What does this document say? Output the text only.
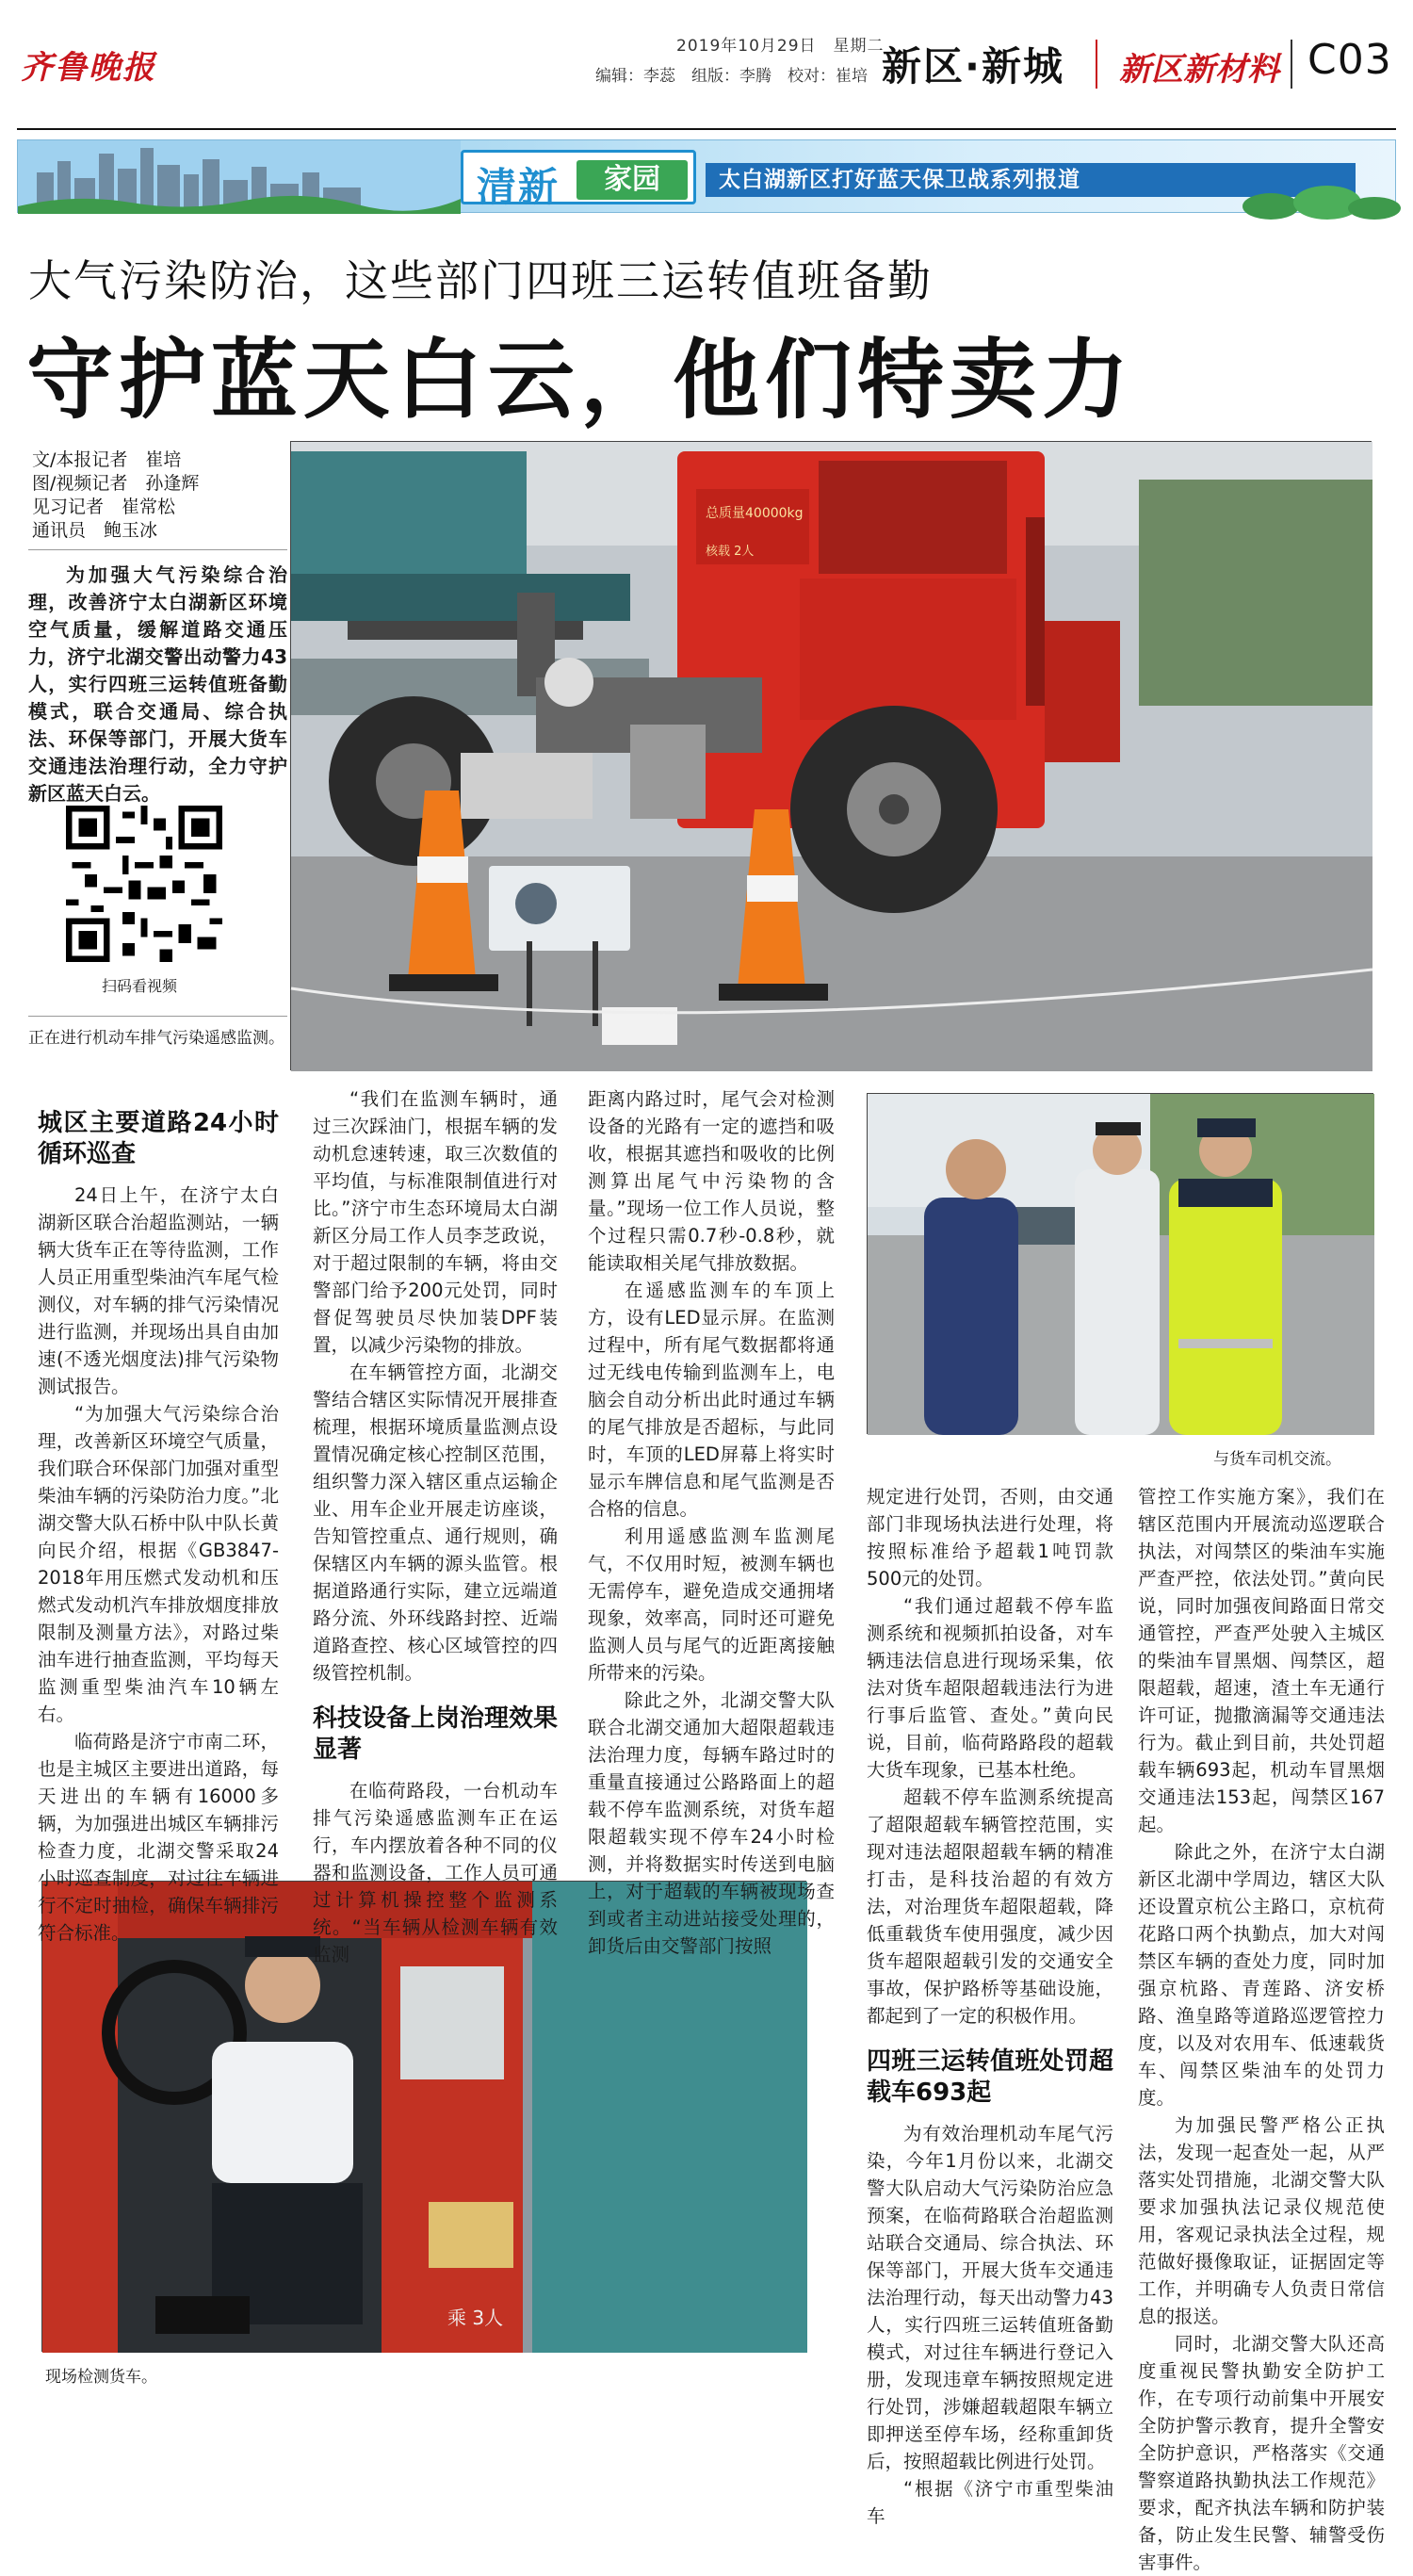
齐鲁晚报
2019年10月29日　星期二
编辑：李蕊　组版：李腾　校对：崔培 新区·新城 新区新材料 C03
清新	家园	太白湖新区打好蓝天保卫战系列报道
大气污染防治，这些部门四班三运转值班备勤
守护蓝天白云，他们特卖力
文/本报记者　崔培
图/视频记者　孙逢辉
见习记者　崔常松
通讯员　鲍玉冰
为加强大气污染综合治理，改善济宁太白湖新区环境空气质量，缓解道路交通压力，济宁北湖交警出动警力43人，实行四班三运转值班备勤模式，联合交通局、综合执法、环保等部门，开展大货车交通违法治理行动，全力守护新区蓝天白云。
扫码看视频
正在进行机动车排气污染遥感监测。
总质量40000kg
核载 2人
与货车司机交流。
乘 3人
现场检测货车。
城区主要道路24小时循环巡查

24日上午，在济宁太白湖新区联合治超监测站，一辆辆大货车正在等待监测，工作人员正用重型柴油汽车尾气检测仪，对车辆的排气污染情况进行监测，并现场出具自由加速(不透光烟度法)排气污染物测试报告。

“为加强大气污染综合治理，改善新区环境空气质量，我们联合环保部门加强对重型柴油车辆的污染防治力度。”北湖交警大队石桥中队中队长黄向民介绍，根据《GB3847-2018年用压燃式发动机和压燃式发动机汽车排放烟度排放限制及测量方法》，对路过柴油车进行抽查监测，平均每天监测重型柴油汽车10辆左右。

临荷路是济宁市南二环，也是主城区主要进出道路，每天进出的车辆有16000多辆，为加强进出城区车辆排污检查力度，北湖交警采取24小时巡查制度，对过往车辆进行不定时抽检，确保车辆排污符合标准。

“我们在监测车辆时，通过三次踩油门，根据车辆的发动机怠速转速，取三次数值的平均值，与标准限制值进行对比。”济宁市生态环境局太白湖新区分局工作人员李芝政说，对于超过限制的车辆，将由交警部门给予200元处罚，同时督促驾驶员尽快加装DPF装置，以减少污染物的排放。

在车辆管控方面，北湖交警结合辖区实际情况开展排查梳理，根据环境质量监测点设置情况确定核心控制区范围，组织警力深入辖区重点运输企业、用车企业开展走访座谈，告知管控重点、通行规则，确保辖区内车辆的源头监管。根据道路通行实际，建立远端道路分流、外环线路封控、近端道路查控、核心区域管控的四级管控机制。

科技设备上岗治理效果显著

在临荷路段，一台机动车排气污染遥感监测车正在运行，车内摆放着各种不同的仪器和监测设备，工作人员可通过计算机操控整个监测系统。“当车辆从检测车辆有效监测

距离内路过时，尾气会对检测设备的光路有一定的遮挡和吸收，根据其遮挡和吸收的比例测算出尾气中污染物的含量。”现场一位工作人员说，整个过程只需0.7秒-0.8秒，就能读取相关尾气排放数据。

在遥感监测车的车顶上方，设有LED显示屏。在监测过程中，所有尾气数据都将通过无线电传输到监测车上，电脑会自动分析出此时通过车辆的尾气排放是否超标，与此同时，车顶的LED屏幕上将实时显示车牌信息和尾气监测是否合格的信息。

利用遥感监测车监测尾气，不仅用时短，被测车辆也无需停车，避免造成交通拥堵现象，效率高，同时还可避免监测人员与尾气的近距离接触所带来的污染。

除此之外，北湖交警大队联合北湖交通加大超限超载违法治理力度，每辆车路过时的重量直接通过公路路面上的超载不停车监测系统，对货车超限超载实现不停车24小时检测，并将数据实时传送到电脑上，对于超载的车辆被现场查到或者主动进站接受处理的，卸货后由交警部门按照

规定进行处罚，否则，由交通部门非现场执法进行处理，将按照标准给予超载1吨罚款500元的处罚。

“我们通过超载不停车监测系统和视频抓拍设备，对车辆违法信息进行现场采集，依法对货车超限超载违法行为进行事后监管、查处。”黄向民说，目前，临荷路路段的超载大货车现象，已基本杜绝。

超载不停车监测系统提高了超限超载车辆管控范围，实现对违法超限超载车辆的精准打击，是科技治超的有效方法，对治理货车超限超载，降低重载货车使用强度，减少因货车超限超载引发的交通安全事故，保护路桥等基础设施，都起到了一定的积极作用。

四班三运转值班处罚超载车693起

为有效治理机动车尾气污染，今年1月份以来，北湖交警大队启动大气污染防治应急预案，在临荷路联合治超监测站联合交通局、综合执法、环保等部门，开展大货车交通违法治理行动，每天出动警力43人，实行四班三运转值班备勤模式，对过往车辆进行登记入册，发现违章车辆按照规定进行处罚，涉嫌超载超限车辆立即押送至停车场，经称重卸货后，按照超载比例进行处罚。

“根据《济宁市重型柴油车

管控工作实施方案》，我们在辖区范围内开展流动巡逻联合执法，对闯禁区的柴油车实施严查严控，依法处罚。”黄向民说，同时加强夜间路面日常交通管控，严查严处驶入主城区的柴油车冒黑烟、闯禁区，超限超载，超速，渣土车无通行许可证，抛撒滴漏等交通违法行为。截止到目前，共处罚超载车辆693起，机动车冒黑烟交通违法153起，闯禁区167起。

除此之外，在济宁太白湖新区北湖中学周边，辖区大队还设置京杭公主路口，京杭荷花路口两个执勤点，加大对闯禁区车辆的查处力度，同时加强京杭路、青莲路、济安桥路、渔皇路等道路巡逻管控力度，以及对农用车、低速载货车、闯禁区柴油车的处罚力度。

为加强民警严格公正执法，发现一起查处一起，从严落实处罚措施，北湖交警大队要求加强执法记录仪规范使用，客观记录执法全过程，规范做好摄像取证，证据固定等工作，并明确专人负责日常信息的报送。

同时，北湖交警大队还高度重视民警执勤安全防护工作，在专项行动前集中开展安全防护警示教育，提升全警安全防护意识，严格落实《交通警察道路执勤执法工作规范》要求，配齐执法车辆和防护装备，防止发生民警、辅警受伤害事件。
